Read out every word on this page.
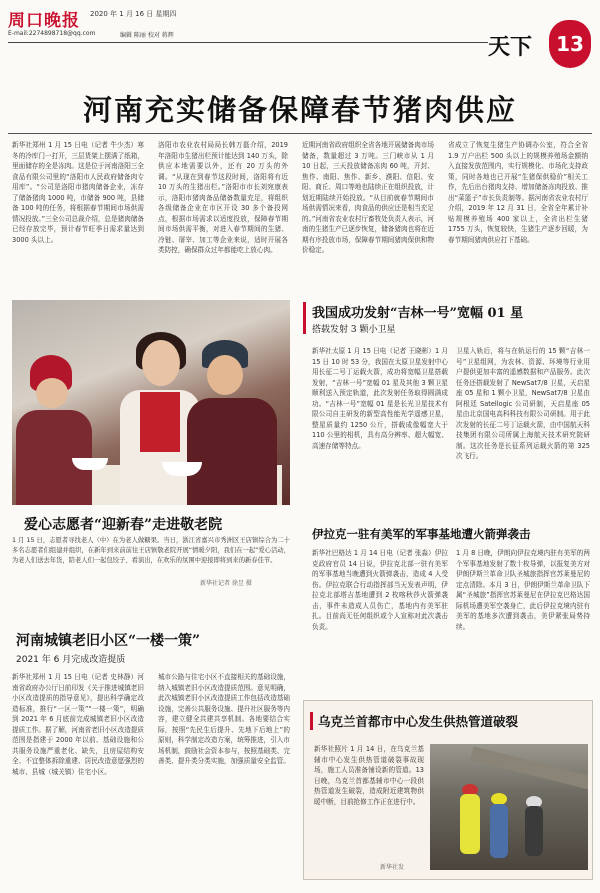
周口晚报 2020 年 1 月 16 日 星期四
E-mail:2274898718@qq.com	编辑 陈丽 校对 蒋辉	天下	13
河南充实储备保障春节猪肉供应
新华社郑州 1 月 15 日电（记者 牛少杰）寒冬的冷库门一打开，三层货架上摆满了纸箱，里面储存的全是冻肉。这是位于河南洛阳三全食品有限公司里的“洛阳市人民政府储备肉专用库”。“公司是洛阳市猪肉储备企业，冻存了储备猪肉 1000 吨，市储备 900 吨，县储备 100 吨的任务，将根据春节期间市场供需情况投放。”三全公司总裁介绍，总是猪肉储备已经存放完毕，预计春节旺季日需求量达到 3000 头以上。
洛阳市农业农村局局长韩万磊介绍，2019 年洛阳市生猪出栏预计能达到 140 万头，除供应本地需要以外，还有 20 万头的外调。“从现在到春节这段时间，洛阳将有近 10 万头的生猪出栏。”洛阳市市长刘宛康表示，洛阳市猪肉备品储备数量充足，将组织各级储备企业在市区开设 30 多个备投网点，根据市场需求以适度投放，保障春节期间市场供需平衡，对进入春节期间的生猪、冷链、屠宰、加工等企业来说，适时开展各类防控，确保群众过年都能吃上放心肉。
近期河南省政府组织全省各地开展储备肉市场储备，数量超过 3 万吨。三门峡市从 1 月 10 日起，三天投放储备冻肉 60 吨，开封、焦作、南阳、焦作、新乡、濮阳、信阳、安阳、商丘、周口等地也陆续正在组织投放，计划近期陆续开始投放。“从目前就春节期间市场供需情况来看，肉食品的供应还是相当充足的。”河南省农业农村厅畜牧处负责人表示，河南的生猪生产已逐步恢复，储备猪肉也将在近期有序投放市场，保障春节期间猪肉保供和物价稳定。
省成立了恢复生猪生产协调办公室，符合全省 1.9 万户出栏 500 头以上的规模养殖场金额纳入直接发放范围内，实行规模化、市场化支持政策，同时各地也已开展“生猪保供稳价”相关工作，先后出台猪肉支持、增加储备冻肉投放、推出“菜篮子”市长负责制等。据河南省农业农村厅介绍，2019 年 12 月 31 日，全省全年累计补贴规模养殖场 400 家以上，全省出栏生猪 1755 万头，恢复较快，生猪生产逐步回暖，为春节期间猪肉供应打下基础。
爱心志愿者“迎新春”走进敬老院
1 月 15 日，志愿者寻找老人（中）在为老人做糖果。当日，浙江省嘉兴市秀洲区王店镇综合为二十多名志愿者们组建并组织，在新年到来前前往王店镇敬老院开展“情暖夕阳，我们在一起”爱心活动，为老人们送去年货，陪老人们一起包饺子、看演出，在欢乐的氛围中迎接即将到来的新春佳节。
新华社记者 徐昱 摄
我国成功发射“吉林一号”宽幅 01 星
搭载发射 3 颗小卫星
新华社太原 1 月 15 日电（记者 王晓彬）1 月 15 日 10 时 53 分，我国在太原卫星发射中心用长征二号丁运载火箭，成功将宽幅卫星搭载发射，“吉林一号”宽幅 01 星及其他 3 颗卫星顺利送入预定轨道，此次发射任务取得圆满成功。“吉林一号”宽幅 01 星是长光卫星技术有限公司自主研发的新型高性能光学遥感卫星，整星质量约 1250 公斤，搭载成像幅宽大于 110 公里的相机，具有高分辨率、超大幅宽、高速存储等特点。
卫星入轨后，将与在轨运行的 15 颗“吉林一号”卫星组网，为农林、资源、环境等行业用户提供更加丰富的遥感数据和产品服务。此次任务还搭载发射了 NewSat7/8 卫星，天启星座 05 星和 1 颗小卫星，NewSat7/8 卫星由阿根廷 Satellogic 公司研制，天启星座 05 星由北京国电高科科技有限公司研制。用于此次发射的长征二号丁运载火箭，由中国航天科技集团有限公司所属上海航天技术研究院研制。这次任务是长征系列运载火箭的第 325 次飞行。
伊拉克一驻有美军的军事基地遭火箭弹袭击
新华社巴格达 1 月 14 日电（记者 张淼）伊拉克政府官员 14 日说，伊拉克北部一驻有美军的军事基地当晚遭到火箭弹袭击，造成 4 人受伤。伊拉克联合行动指挥部当天发表声明，伊拉克北部塔吉基地遭到 2 枚喀秋莎火箭弹袭击，事件未造成人员伤亡，基地内有美军驻扎。目前尚无任何组织或个人宣称对此次袭击负责。
1 月 8 日晚，伊朗向伊拉克境内驻有美军的两个军事基地发射了数十枚导弹，以报复美方对伊朗伊斯兰革命卫队圣城旅指挥官苏莱曼尼的定点清除。本月 3 日，伊朗伊斯兰革命卫队下属“圣城旅”指挥官苏莱曼尼在伊拉克巴格达国际机场遭美军空袭身亡，此后伊拉克境内驻有美军的基地多次遭到袭击，美伊紧张局势持续。
河南城镇老旧小区“一楼一策”
2021 年 6 月完成改造提质
新华社郑州 1 月 15 日电（记者 史林静）河南省政府办公厅日前印发《关于推进城镇老旧小区改造提质的指导意见》，提出科学确定改造标准，推行“一区一策”“一楼一策”，明确到 2021 年 6 月底前完成城镇老旧小区改造提质工作。据了解，河南省老旧小区改造提质范围是指建于 2000 年以前、基础设施和公共服务设施严重老化、缺失，且房屋结构安全、不宜整体拆除重建、居民改造意愿强烈的城市、县城（城关镇）住宅小区。
城市公路与住宅小区不直接相关的基础设施，纳入城镇老旧小区改造提质范围。意见明确，此次城镇老旧小区改造提质工作包括改造基础设施，完善公共服务设施、提升社区服务等内容，建立健全共建共享机制。各地要结合实际，按照“先民生后提升、先地下后地上”的原则，科学制定改造方案，统筹推进，引入市场机制，鼓励社会资本参与，按照基础类、完善类、提升类分类实施，加强质量安全监管。
乌克兰首都市中心发生供热管道破裂
新华社照片 1 月 14 日，在乌克兰基辅市中心发生供热管道破裂事故现场，施工人员准备铺设新的管道。13 日晚，乌克兰首都基辅市中心一段供热管道发生破裂，造成附近建筑物供暖中断，目前抢修工作正在进行中。
新华社发
